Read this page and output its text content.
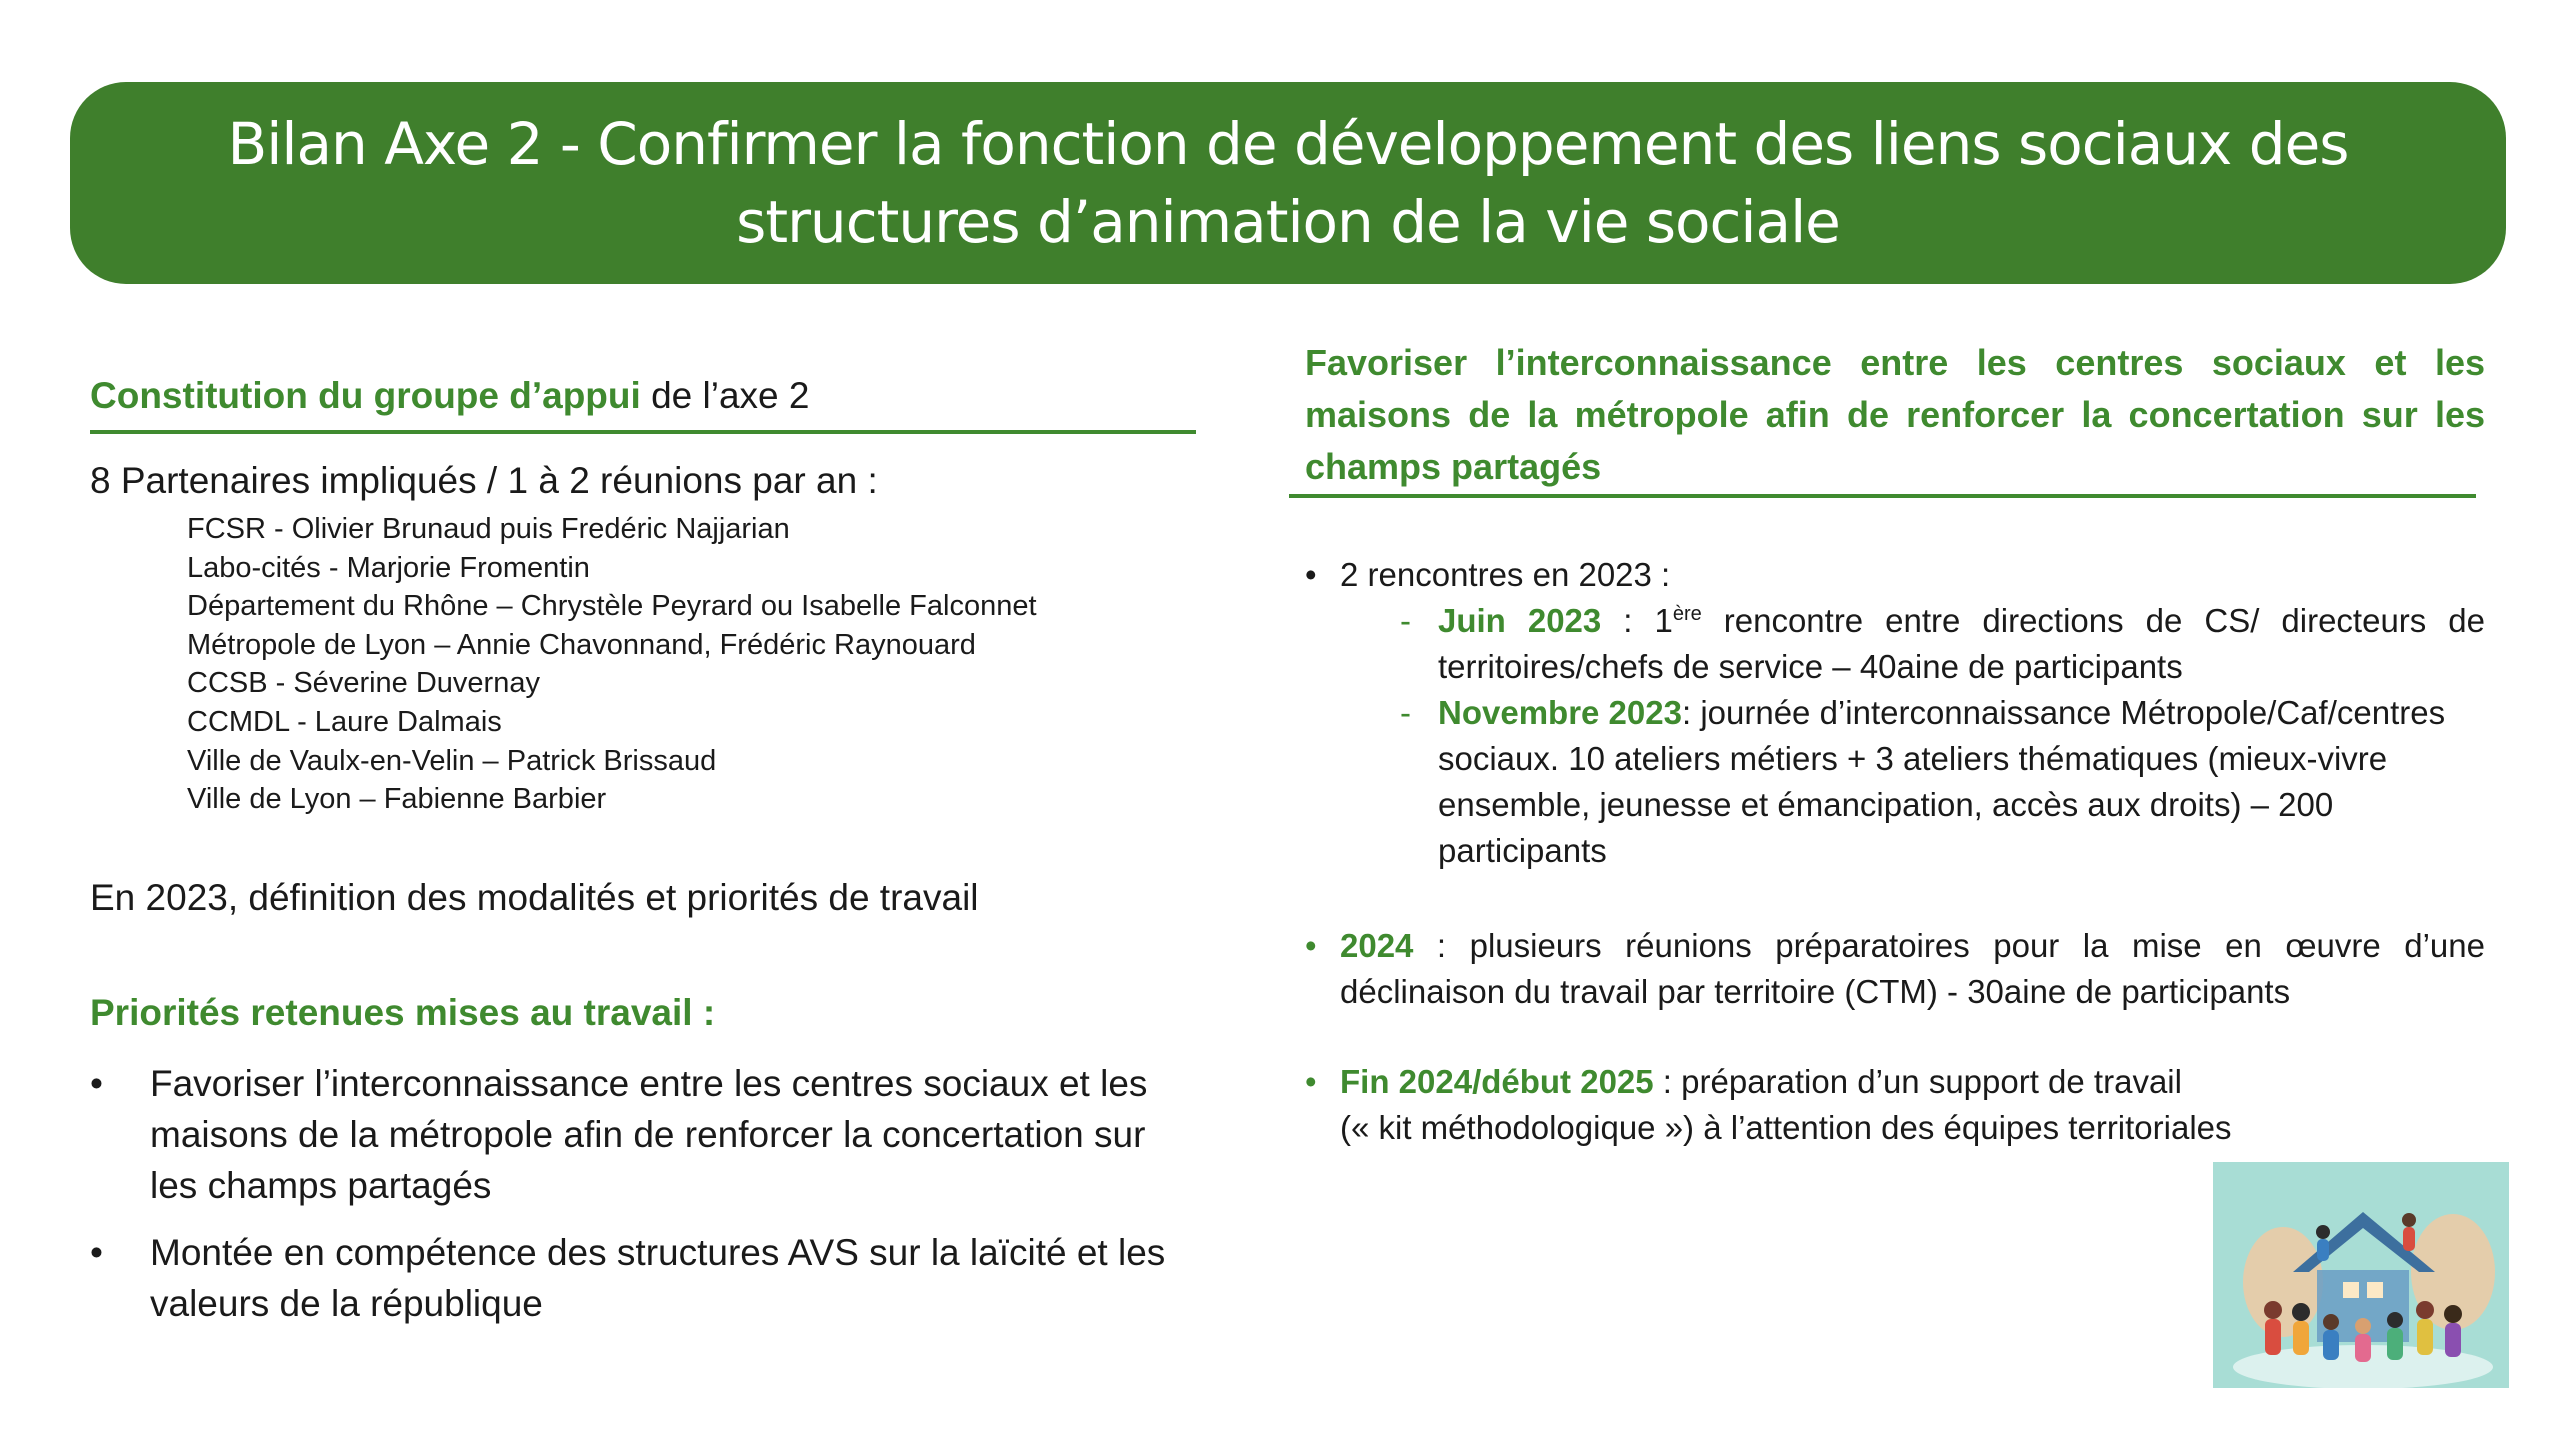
Bilan Axe 2 - Confirmer la fonction de développement des liens sociaux des
structures d’animation de la vie sociale
Constitution du groupe d’appui de l’axe 2
8 Partenaires impliqués / 1 à 2 réunions par an :
FCSR - Olivier Brunaud puis Fredéric Najjarian
Labo-cités - Marjorie Fromentin
Département du Rhône – Chrystèle Peyrard ou Isabelle Falconnet
Métropole de Lyon – Annie Chavonnand, Frédéric Raynouard
CCSB - Séverine Duvernay
CCMDL - Laure Dalmais
Ville de Vaulx-en-Velin – Patrick Brissaud
Ville de Lyon – Fabienne Barbier
En 2023, définition des modalités et priorités de travail
Priorités retenues mises au travail :
• Favoriser l’interconnaissance entre les centres sociaux et les maisons de la métropole afin de renforcer la concertation sur les champs partagés
• Montée en compétence des structures AVS sur la laïcité et les valeurs de la république
Favoriser l’interconnaissance entre les centres sociaux et les maisons de la métropole afin de renforcer la concertation sur les champs partagés
• 2 rencontres en 2023 :
- Juin 2023 : 1ère rencontre entre directions de CS/ directeurs de territoires/chefs de service – 40aine de participants
- Novembre 2023: journée d’interconnaissance Métropole/Caf/centres sociaux. 10 ateliers métiers + 3 ateliers thématiques (mieux-vivre ensemble, jeunesse et émancipation, accès aux droits) – 200 participants
• 2024 : plusieurs réunions préparatoires pour la mise en œuvre d’une déclinaison du travail par territoire (CTM) - 30aine de participants
• Fin 2024/début 2025 : préparation d’un support de travail
(« kit méthodologique ») à l’attention des équipes territoriales
